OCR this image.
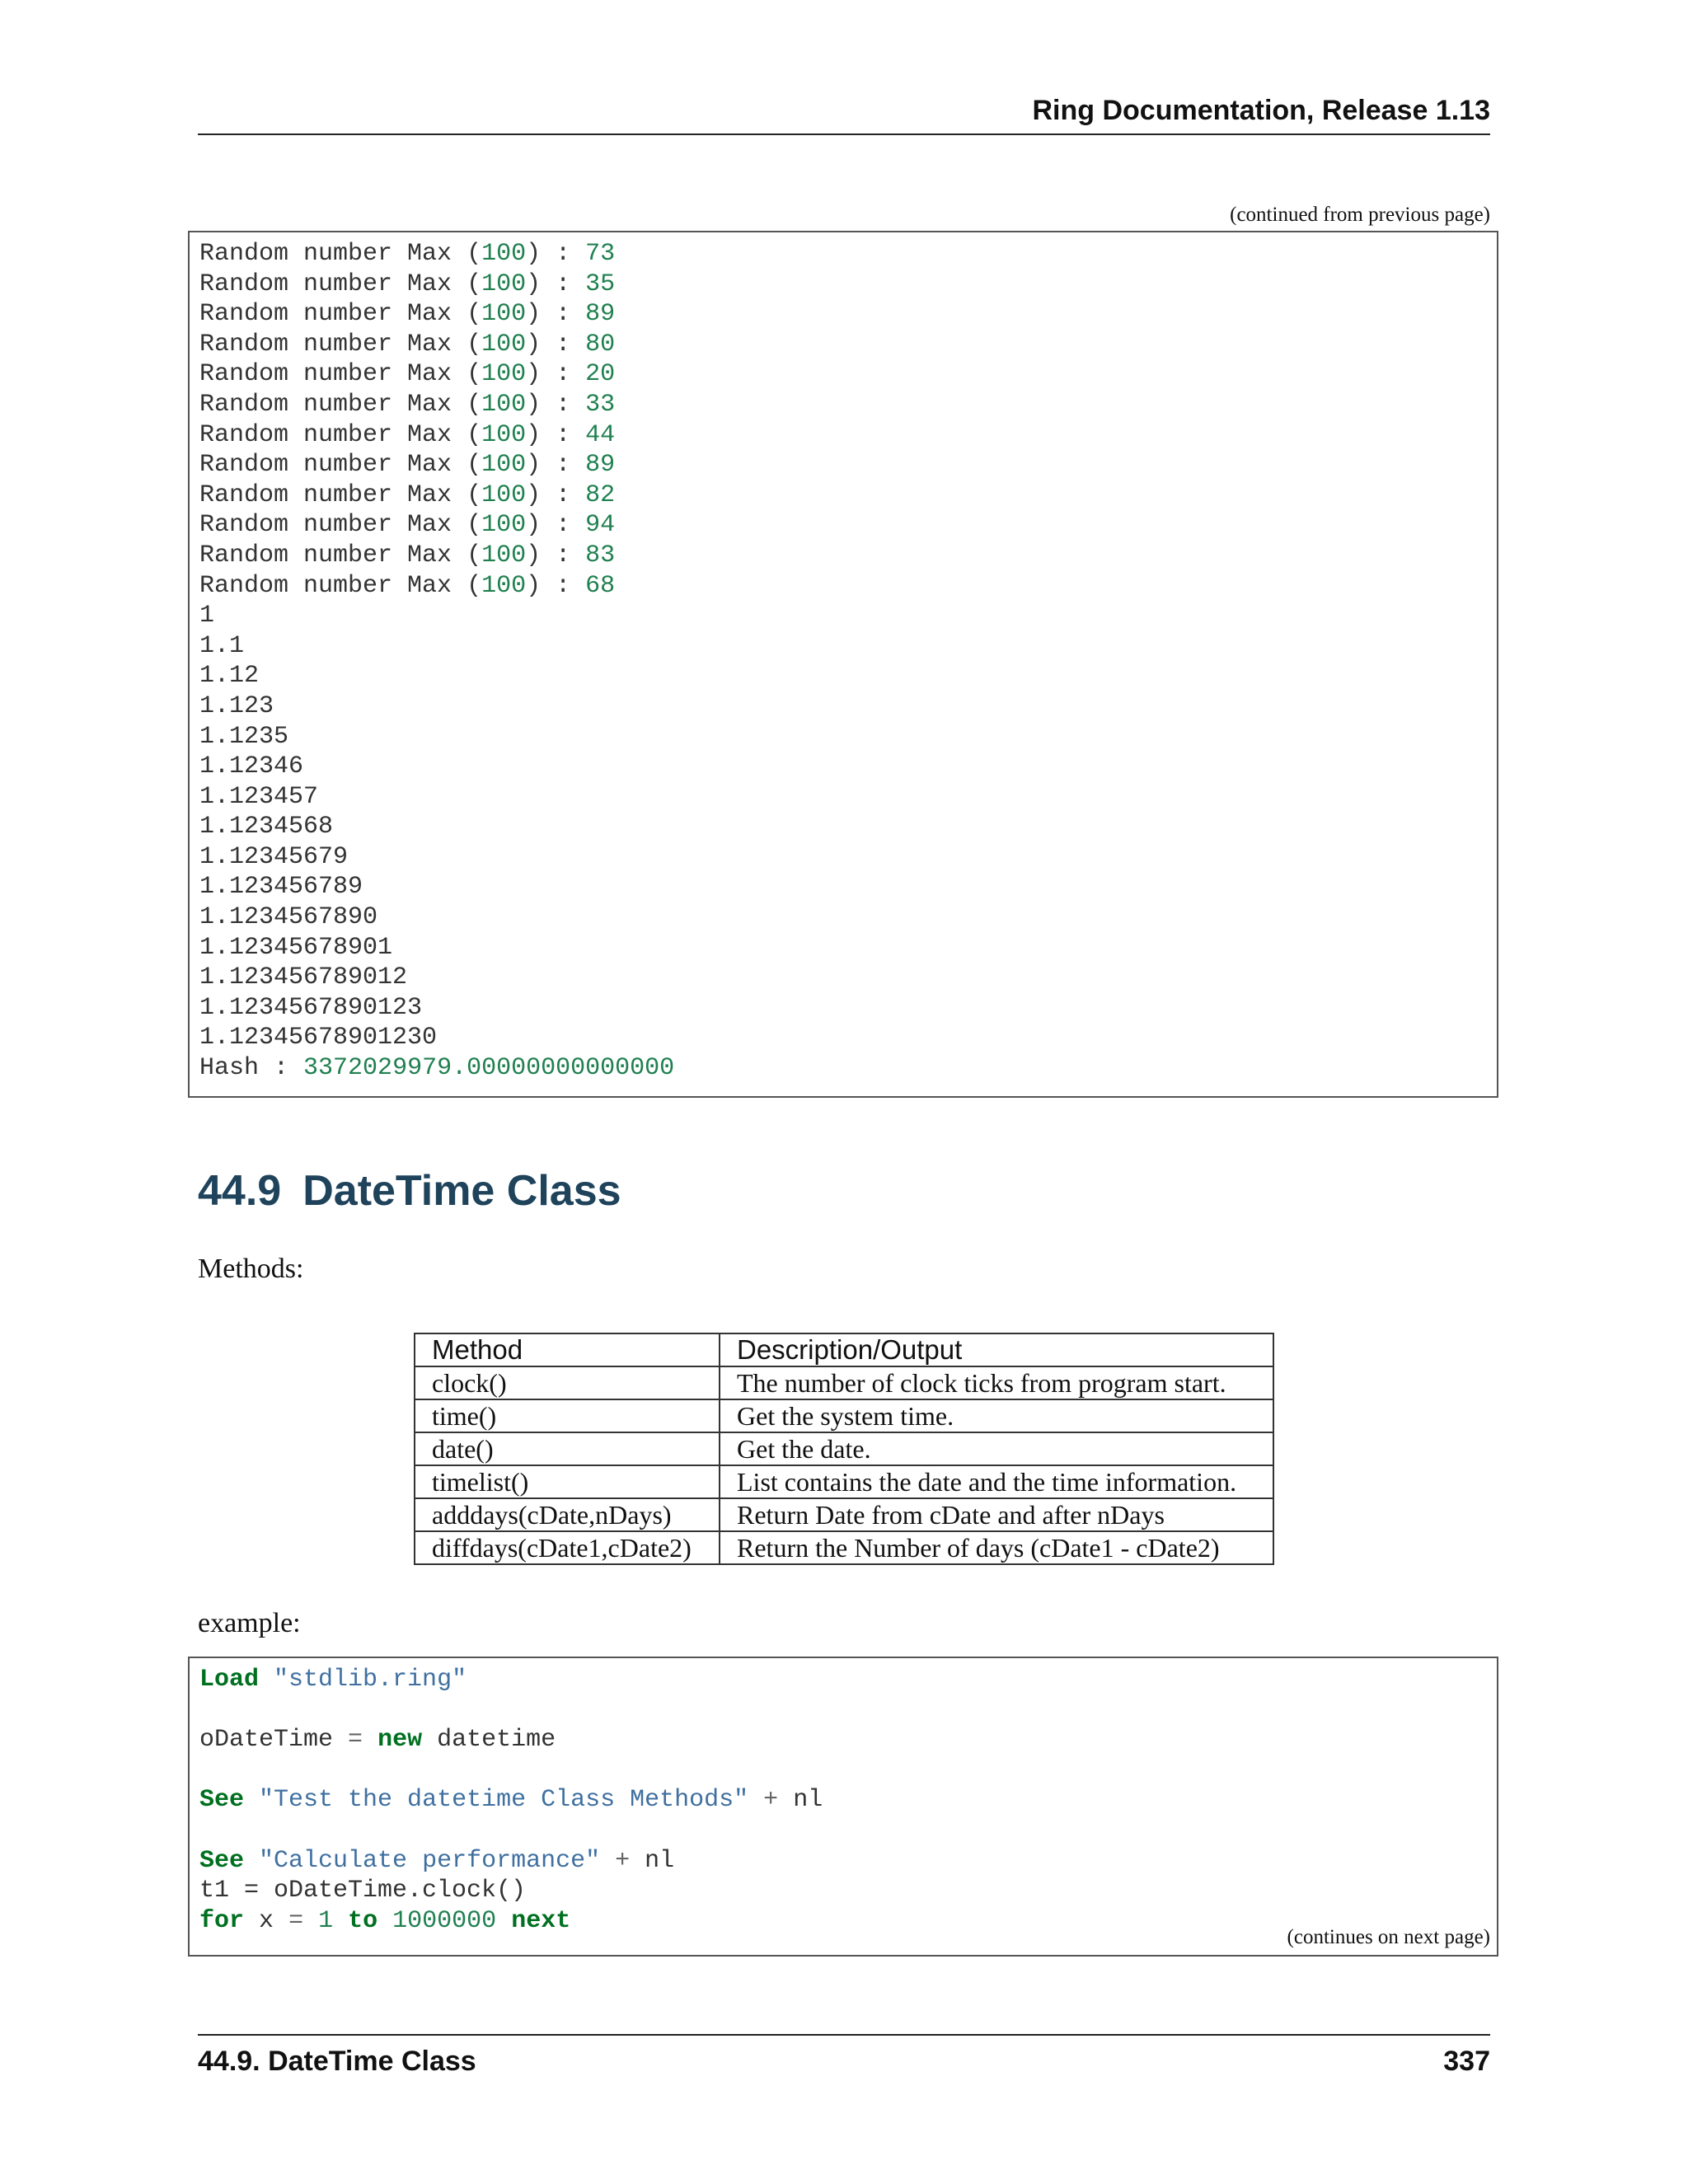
Ring Documentation, Release 1.13
(continued from previous page)
Random number Max (100) : 73
Random number Max (100) : 35
Random number Max (100) : 89
Random number Max (100) : 80
Random number Max (100) : 20
Random number Max (100) : 33
Random number Max (100) : 44
Random number Max (100) : 89
Random number Max (100) : 82
Random number Max (100) : 94
Random number Max (100) : 83
Random number Max (100) : 68
1
1.1
1.12
1.123
1.1235
1.12346
1.123457
1.1234568
1.12345679
1.123456789
1.1234567890
1.12345678901
1.123456789012
1.1234567890123
1.12345678901230
Hash : 3372029979.00000000000000
44.9 DateTime Class
Methods:
Method	Description/Output
clock()	The number of clock ticks from program start.
time()	Get the system time.
date()	Get the date.
timelist()	List contains the date and the time information.
adddays(cDate,nDays)	Return Date from cDate and after nDays
diffdays(cDate1,cDate2)	Return the Number of days (cDate1 - cDate2)
example:
Load "stdlib.ring"

oDateTime = new datetime

See "Test the datetime Class Methods" + nl

See "Calculate performance" + nl
t1 = oDateTime.clock()
for x = 1 to 1000000 next
(continues on next page)
44.9. DateTime Class	337
